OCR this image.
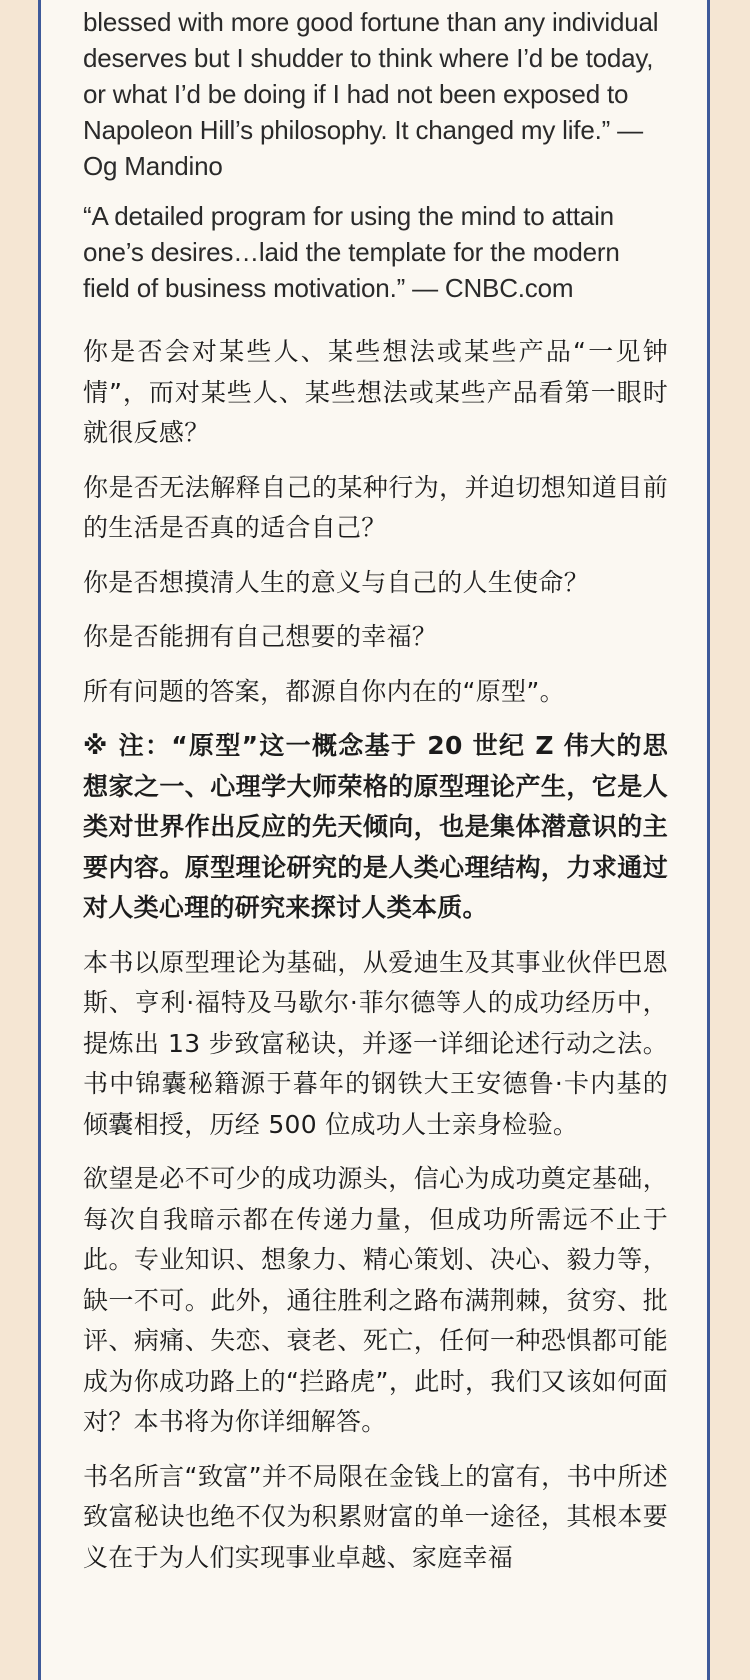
blessed with more good fortune than any individual deserves but I shudder to think where I’d be today, or what I’d be doing if I had not been exposed to Napoleon Hill’s philosophy. It changed my life.” — Og Mandino

“A detailed program for using the mind to attain one’s desires…laid the template for the modern field of business motivation.” — CNBC.com

你是否会对某些人、某些想法或某些产品“一见钟情”，而对某些人、某些想法或某些产品看第一眼时就很反感？

你是否无法解释自己的某种行为，并迫切想知道目前的生活是否真的适合自己？

你是否想摸清人生的意义与自己的人生使命？

你是否能拥有自己想要的幸福？

所有问题的答案，都源自你内在的“原型”。

※ 注：“原型”这一概念基于 20 世纪 Z 伟大的思想家之一、心理学大师荣格的原型理论产生，它是人类对世界作出反应的先天倾向，也是集体潜意识的主要内容。原型理论研究的是人类心理结构，力求通过对人类心理的研究来探讨人类本质。

本书以原型理论为基础，从爱迪生及其事业伙伴巴恩斯、亨利·福特及马歇尔·菲尔德等人的成功经历中，提炼出 13 步致富秘诀，并逐一详细论述行动之法。书中锦囊秘籍源于暮年的钢铁大王安德鲁·卡内基的倾囊相授，历经 500 位成功人士亲身检验。

欲望是必不可少的成功源头，信心为成功奠定基础，每次自我暗示都在传递力量，但成功所需远不止于此。专业知识、想象力、精心策划、决心、毅力等，缺一不可。此外，通往胜利之路布满荆棘，贫穷、批评、病痛、失恋、衰老、死亡，任何一种恐惧都可能成为你成功路上的“拦路虎”，此时，我们又该如何面对？本书将为你详细解答。

书名所言“致富”并不局限在金钱上的富有，书中所述致富秘诀也绝不仅为积累财富的单一途径，其根本要义在于为人们实现事业卓越、家庭幸福
